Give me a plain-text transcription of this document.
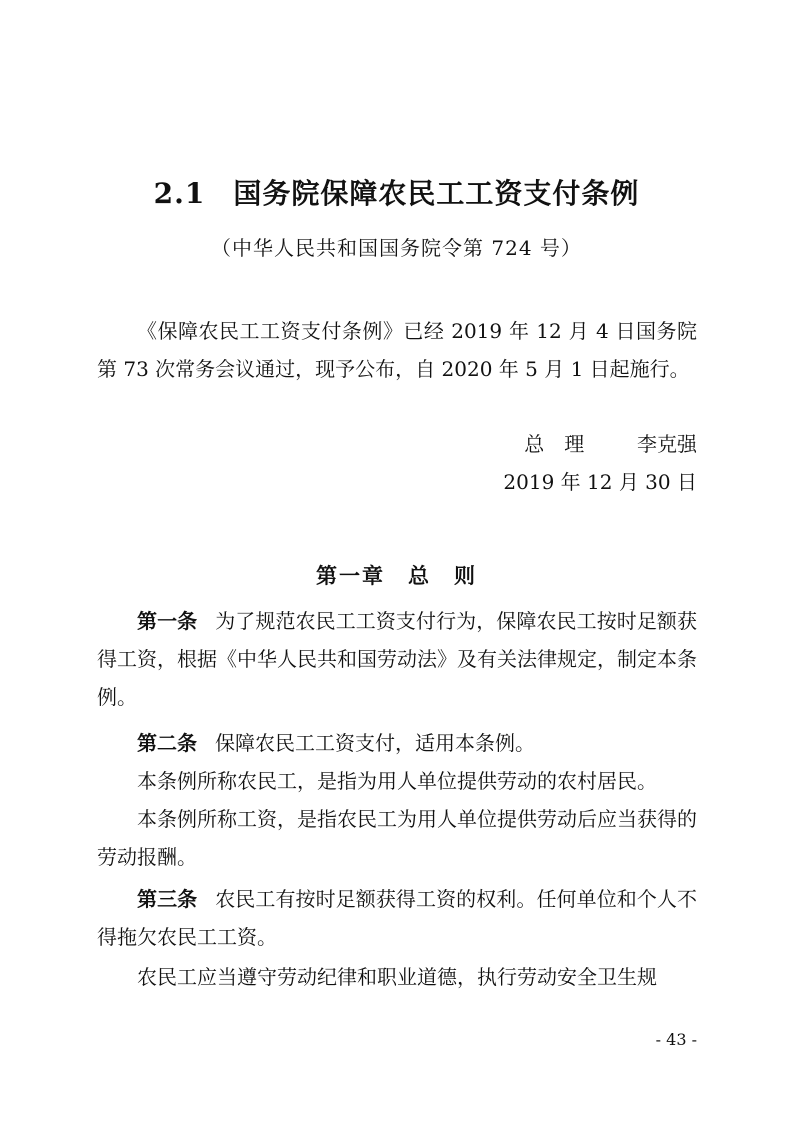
2.1 国务院保障农民工工资支付条例
（中华人民共和国国务院令第 724 号）

《保障农民工工资支付条例》已经 2019 年 12 月 4 日国务院第 73 次常务会议通过，现予公布，自 2020 年 5 月 1 日起施行。

总　理	李克强
2019 年 12 月 30 日
第一章　总　则

第一条 为了规范农民工工资支付行为，保障农民工按时足额获得工资，根据《中华人民共和国劳动法》及有关法律规定，制定本条例。

第二条 保障农民工工资支付，适用本条例。

本条例所称农民工，是指为用人单位提供劳动的农村居民。

本条例所称工资，是指农民工为用人单位提供劳动后应当获得的劳动报酬。

第三条 农民工有按时足额获得工资的权利。任何单位和个人不得拖欠农民工工资。

农民工应当遵守劳动纪律和职业道德，执行劳动安全卫生规

- 43 -
